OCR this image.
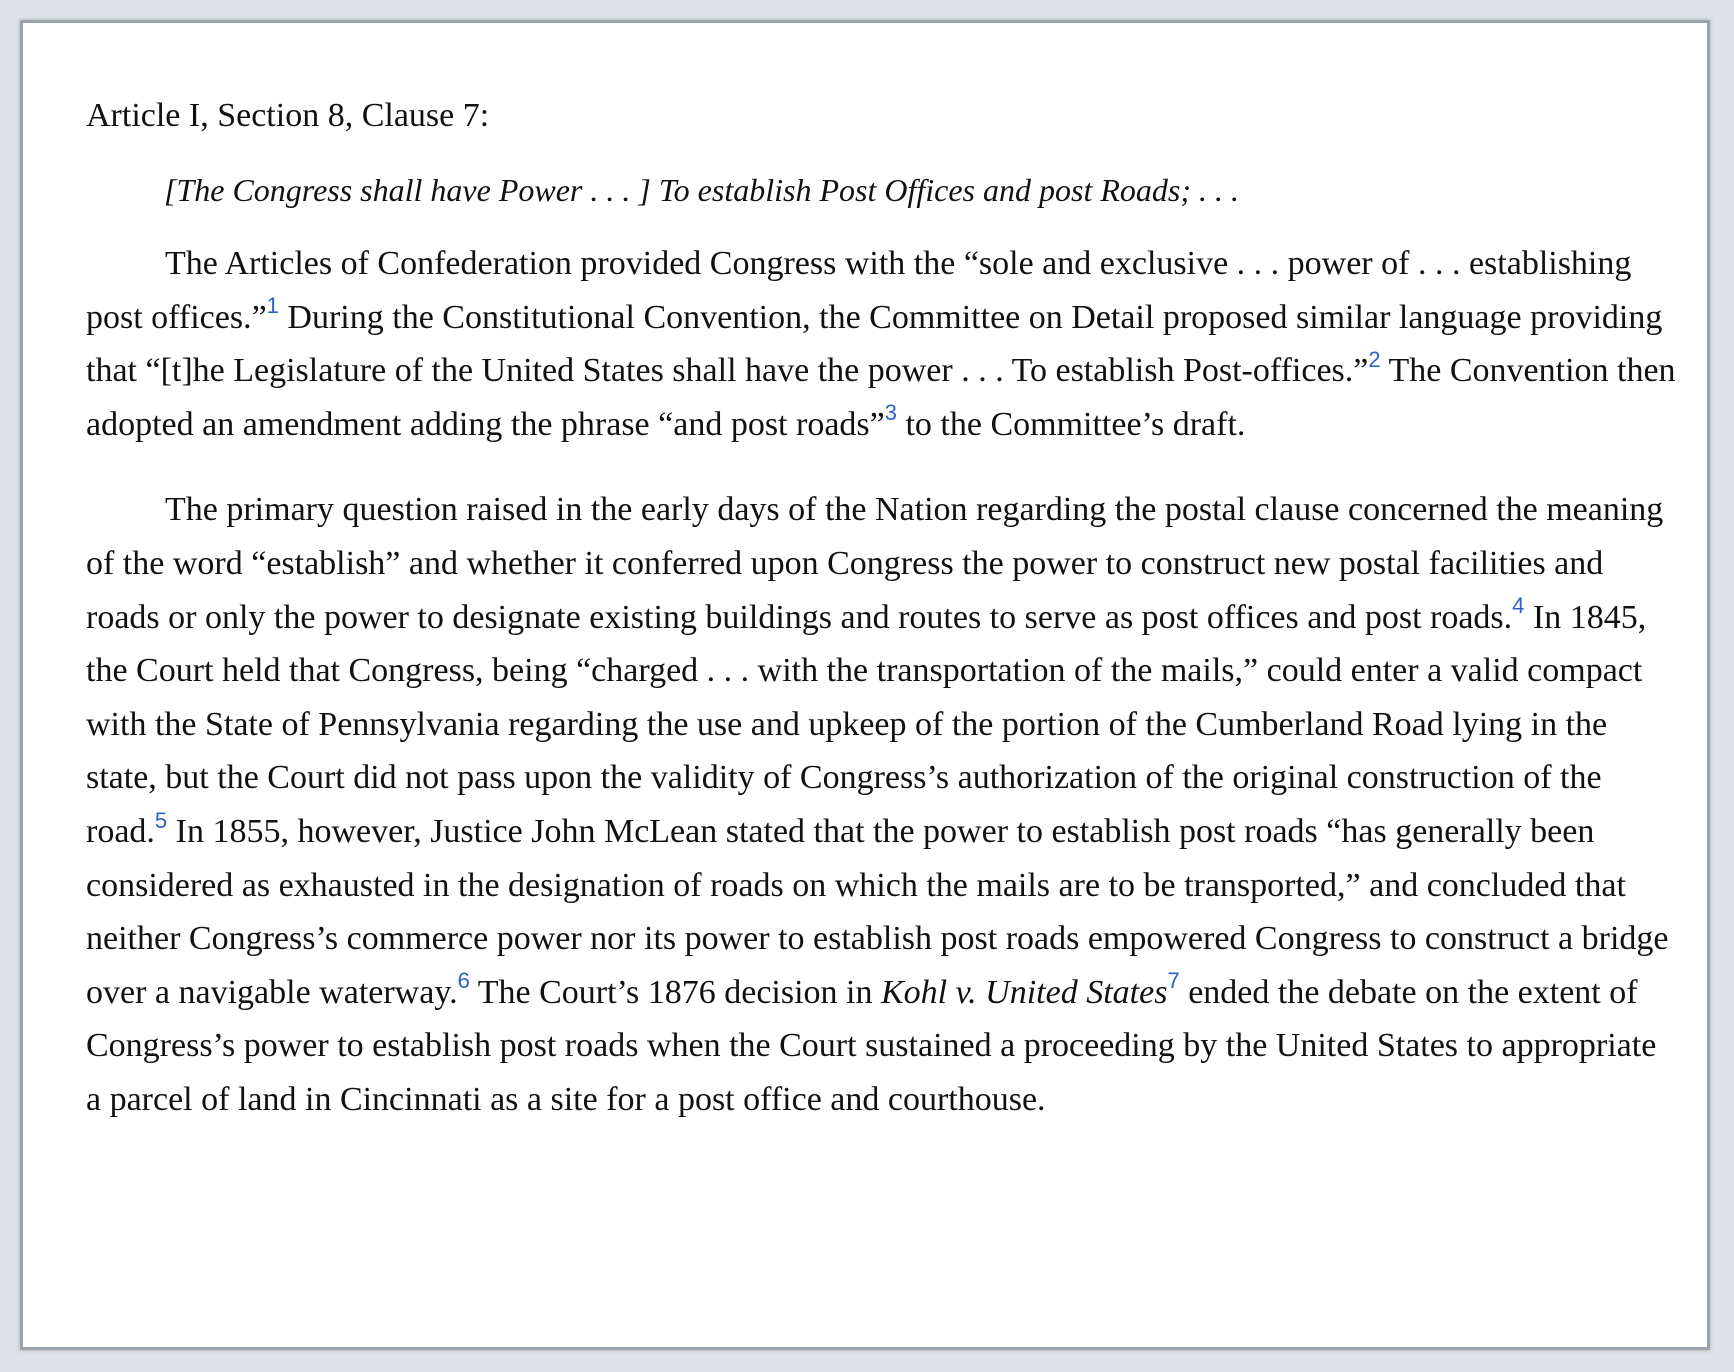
Article I, Section 8, Clause 7:

[The Congress shall have Power . . . ] To establish Post Offices and post Roads; . . .

The Articles of Confederation provided Congress with the “sole and exclusive . . . power of . . . establishing post offices.”$^1$ During the Constitutional Convention, the Committee on Detail proposed similar language providing that “[t]he Legislature of the United States shall have the power . . . To establish Post-offices.”$^2$ The Convention then adopted an amendment adding the phrase “and post roads”$^3$ to the Committee’s draft.

The primary question raised in the early days of the Nation regarding the postal clause concerned the meaning of the word “establish” and whether it conferred upon Congress the power to construct new postal facilities and roads or only the power to designate existing buildings and routes to serve as post offices and post roads.$^4$ In 1845, the Court held that Congress, being “charged . . . with the transportation of the mails,” could enter a valid compact with the State of Pennsylvania regarding the use and upkeep of the portion of the Cumberland Road lying in the state, but the Court did not pass upon the validity of Congress’s authorization of the original construction of the road.$^5$ In 1855, however, Justice John McLean stated that the power to establish post roads “has generally been considered as exhausted in the designation of roads on which the mails are to be transported,” and concluded that neither Congress’s commerce power nor its power to establish post roads empowered Congress to construct a bridge over a navigable waterway.$^6$ The Court’s 1876 decision in Kohl v. United States$^7$ ended the debate on the extent of Congress’s power to establish post roads when the Court sustained a proceeding by the United States to appropriate a parcel of land in Cincinnati as a site for a post office and courthouse.
